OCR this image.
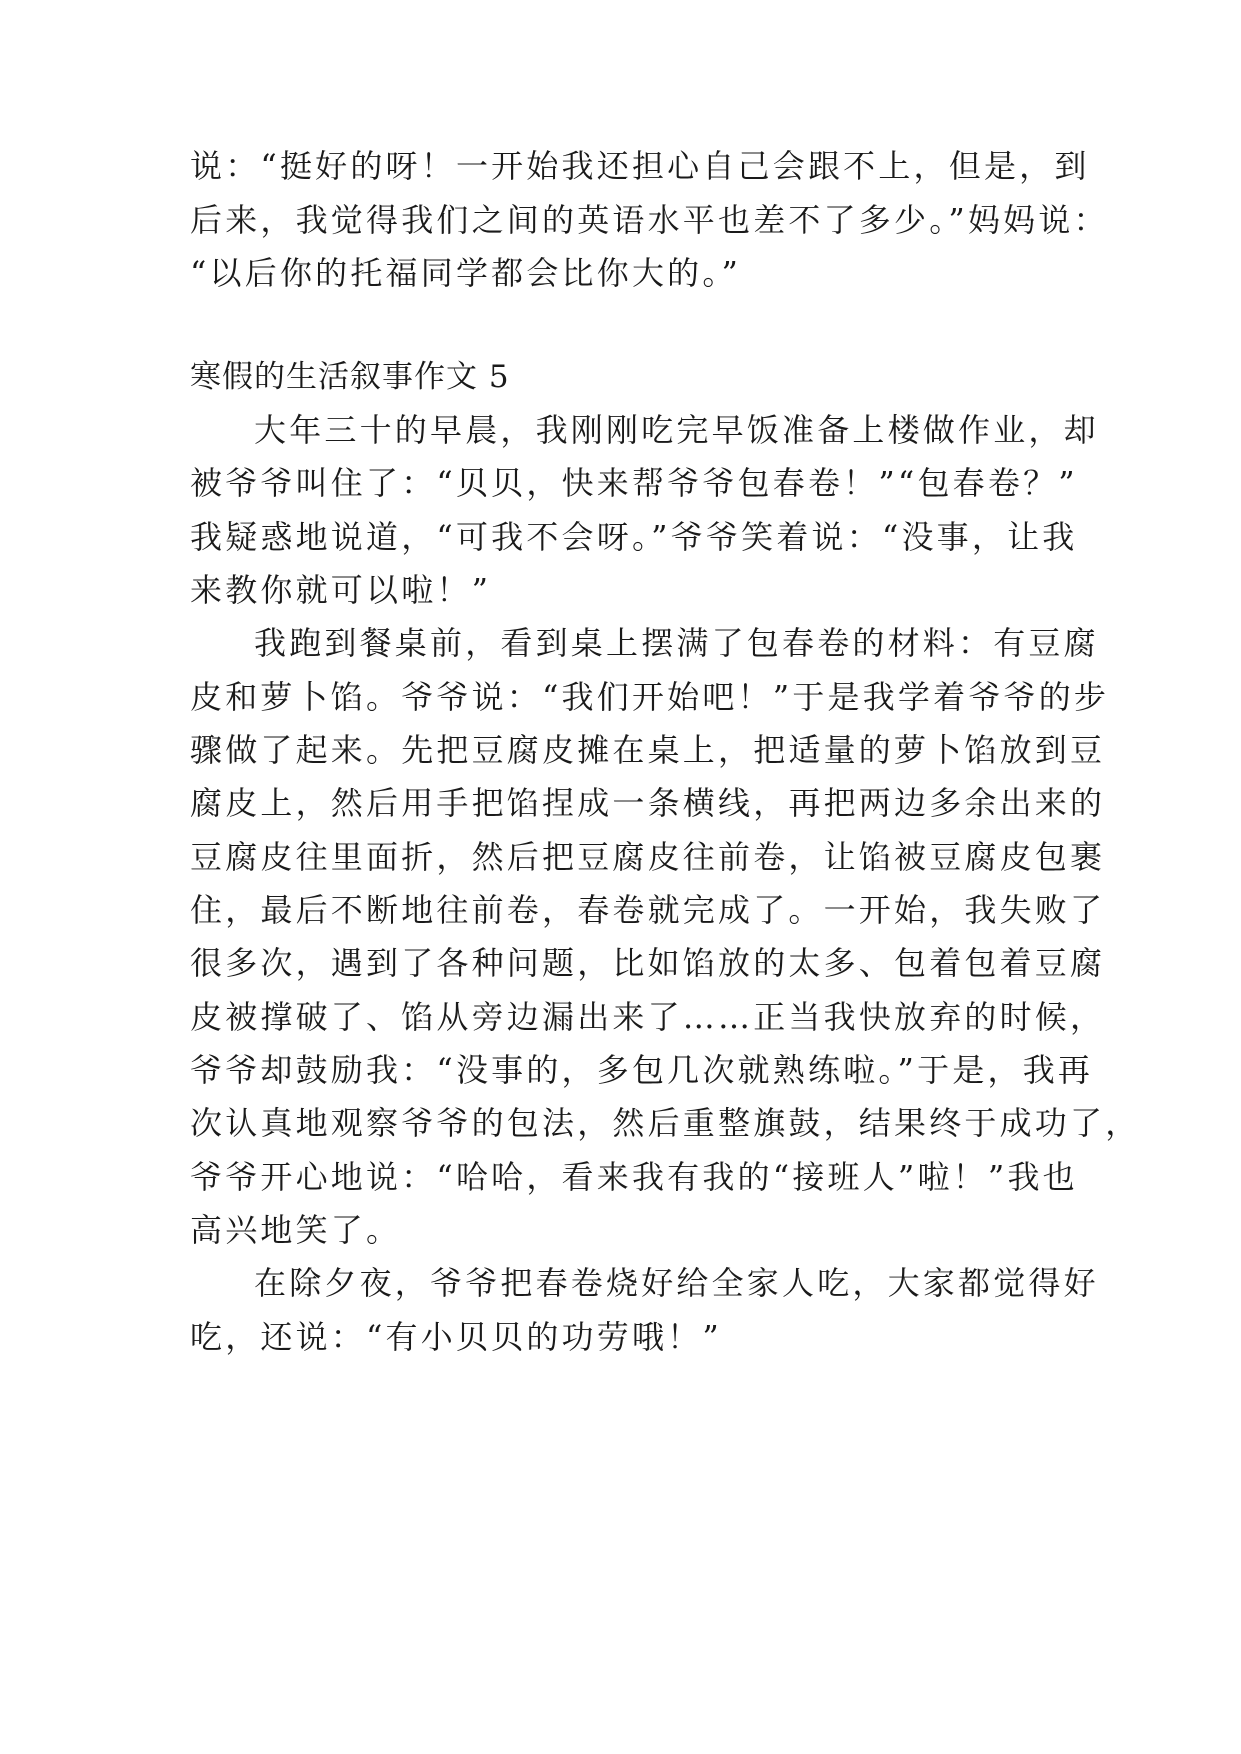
说：“挺好的呀！一开始我还担心自己会跟不上，但是，到
后来，我觉得我们之间的英语水平也差不了多少。”妈妈说：
“以后你的托福同学都会比你大的。”
寒假的生活叙事作文 5
大年三十的早晨，我刚刚吃完早饭准备上楼做作业，却
被爷爷叫住了：“贝贝，快来帮爷爷包春卷！”“包春卷？”
我疑惑地说道，“可我不会呀。”爷爷笑着说：“没事，让我
来教你就可以啦！”
我跑到餐桌前，看到桌上摆满了包春卷的材料：有豆腐
皮和萝卜馅。爷爷说：“我们开始吧！”于是我学着爷爷的步
骤做了起来。先把豆腐皮摊在桌上，把适量的萝卜馅放到豆
腐皮上，然后用手把馅捏成一条横线，再把两边多余出来的
豆腐皮往里面折，然后把豆腐皮往前卷，让馅被豆腐皮包裹
住，最后不断地往前卷，春卷就完成了。一开始，我失败了
很多次，遇到了各种问题，比如馅放的太多、包着包着豆腐
皮被撑破了、馅从旁边漏出来了……正当我快放弃的时候，
爷爷却鼓励我：“没事的，多包几次就熟练啦。”于是，我再
次认真地观察爷爷的包法，然后重整旗鼓，结果终于成功了，
爷爷开心地说：“哈哈，看来我有我的“接班人”啦！”我也
高兴地笑了。
在除夕夜，爷爷把春卷烧好给全家人吃，大家都觉得好
吃，还说：“有小贝贝的功劳哦！”
